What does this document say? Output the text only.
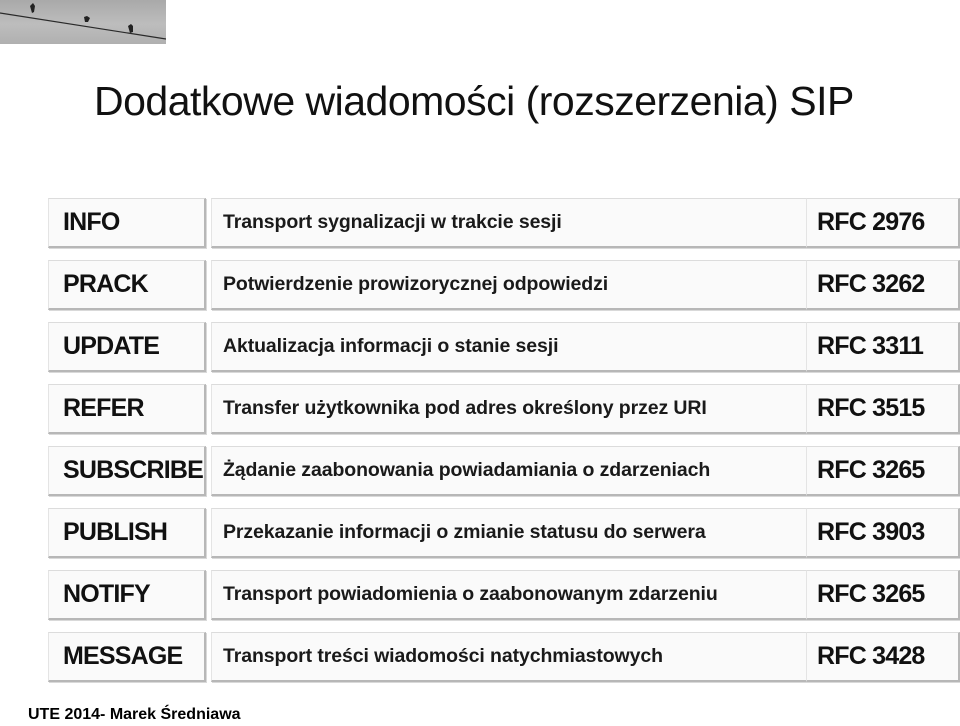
Dodatkowe wiadomości (rozszerzenia) SIP
INFO	Transport sygnalizacji w trakcie sesji	RFC 2976
PRACK	Potwierdzenie prowizorycznej odpowiedzi	RFC 3262
UPDATE	Aktualizacja informacji o stanie sesji	RFC 3311
REFER	Transfer użytkownika pod adres określony przez URI	RFC 3515
SUBSCRIBE	Żądanie zaabonowania powiadamiania o zdarzeniach	RFC 3265
PUBLISH	Przekazanie informacji o zmianie statusu do serwera	RFC 3903
NOTIFY	Transport powiadomienia o zaabonowanym zdarzeniu	RFC 3265
MESSAGE	Transport treści wiadomości natychmiastowych	RFC 3428
UTE 2014- Marek Średniawa
